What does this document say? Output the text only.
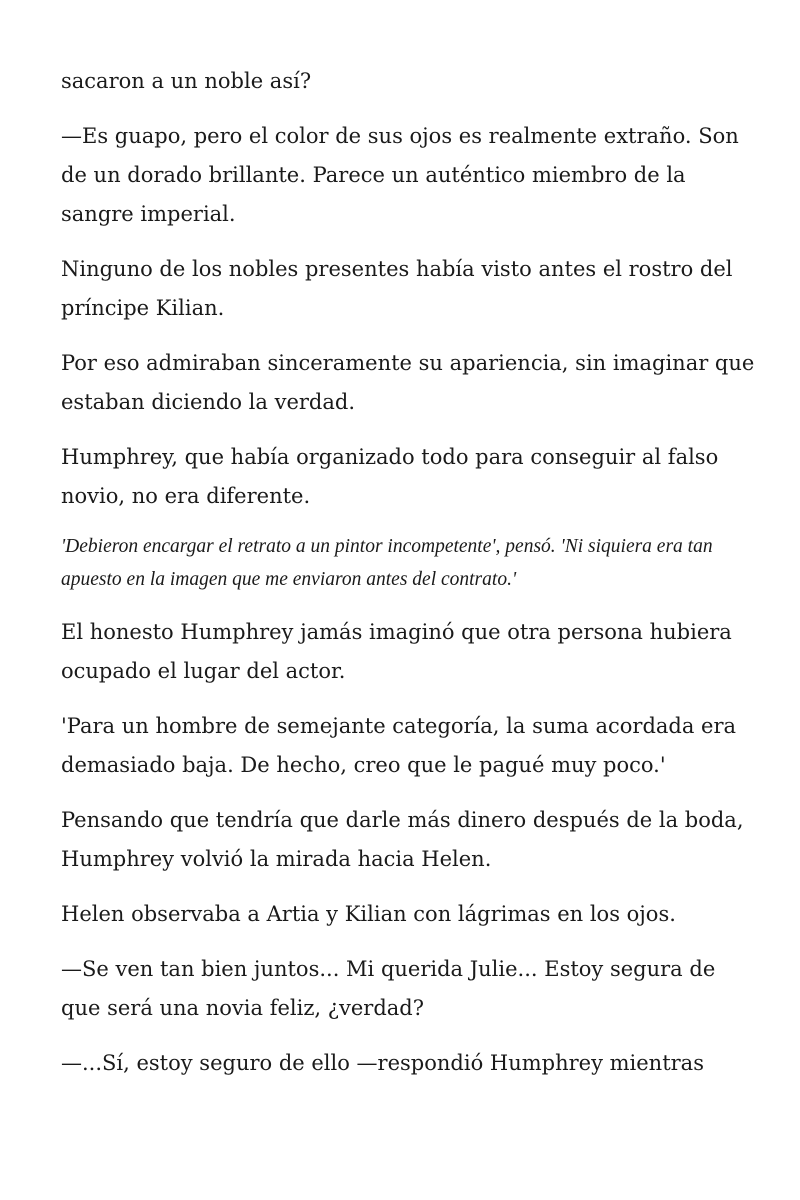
sacaron a un noble así?

—Es guapo, pero el color de sus ojos es realmente extraño. Son de un dorado brillante. Parece un auténtico miembro de la sangre imperial.

Ninguno de los nobles presentes había visto antes el rostro del príncipe Kilian.

Por eso admiraban sinceramente su apariencia, sin imaginar que estaban diciendo la verdad.

Humphrey, que había organizado todo para conseguir al falso novio, no era diferente.

'Debieron encargar el retrato a un pintor incompetente', pensó. 'Ni siquiera era tan apuesto en la imagen que me enviaron antes del contrato.'

El honesto Humphrey jamás imaginó que otra persona hubiera ocupado el lugar del actor.

'Para un hombre de semejante categoría, la suma acordada era demasiado baja. De hecho, creo que le pagué muy poco.'

Pensando que tendría que darle más dinero después de la boda, Humphrey volvió la mirada hacia Helen.

Helen observaba a Artia y Kilian con lágrimas en los ojos.

—Se ven tan bien juntos... Mi querida Julie... Estoy segura de que será una novia feliz, ¿verdad?

—...Sí, estoy seguro de ello —respondió Humphrey mientras
